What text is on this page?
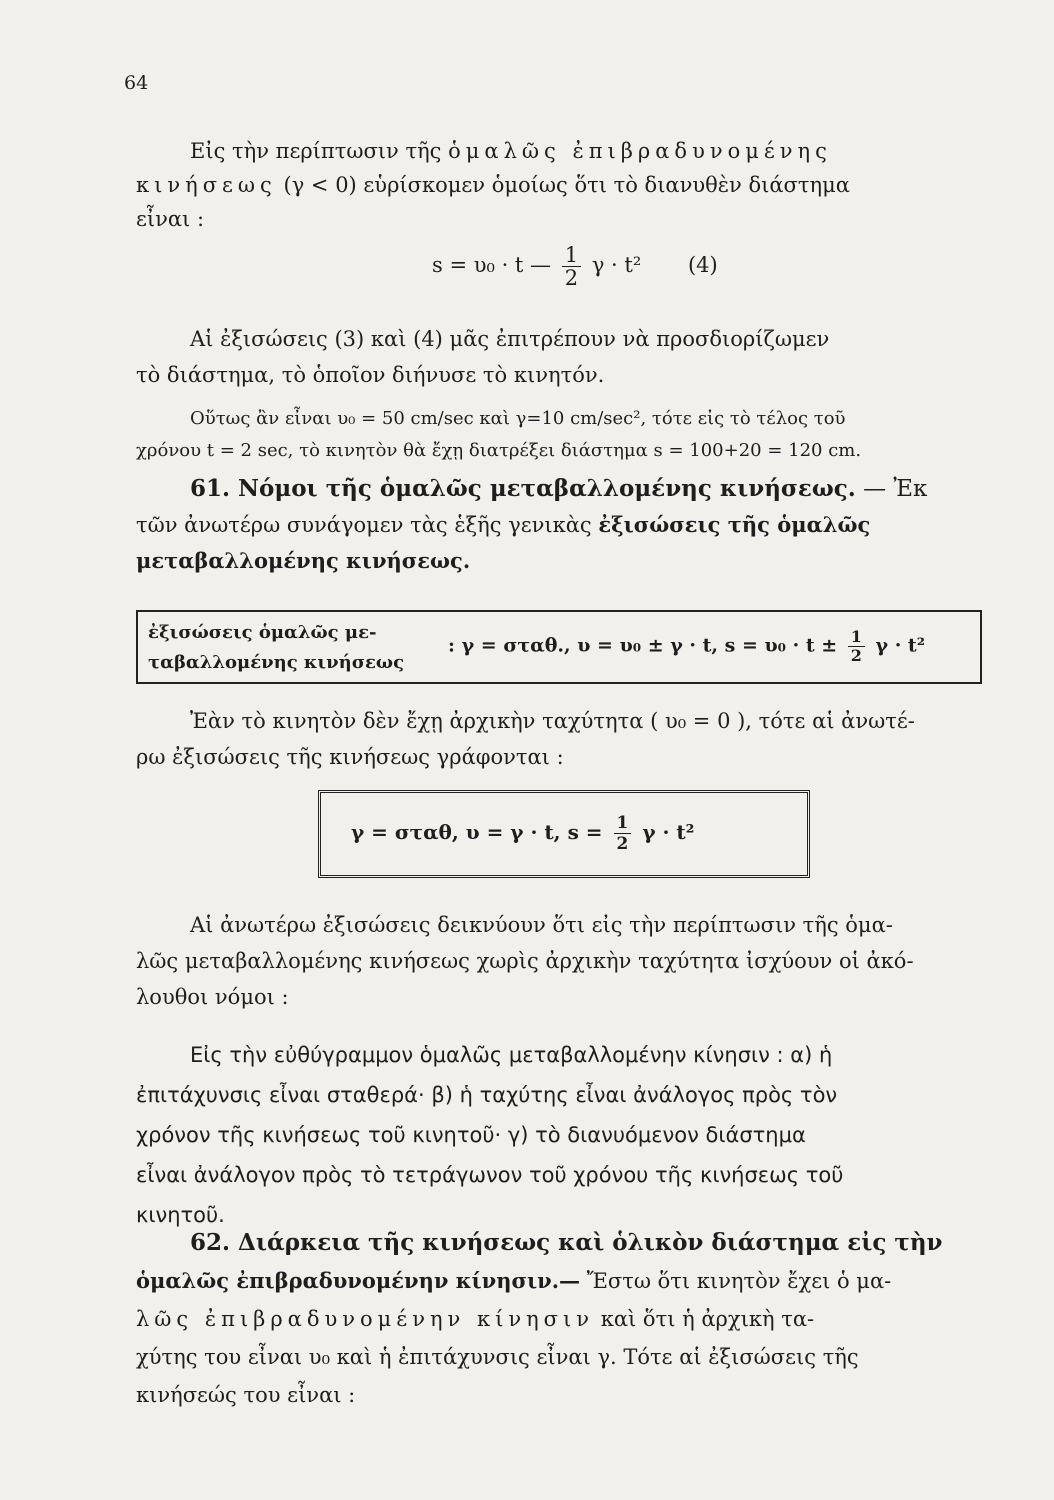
64
Εἰς τὴν περίπτωσιν τῆς ὁμαλῶς ἐπιβραδυνομένης
κινήσεως (γ < 0) εὑρίσκομεν ὁμοίως ὅτι τὸ διανυθὲν διάστημα
εἶναι :
s = υ₀ · t — $\frac{1}{2}$ γ · t² (4)
Αἱ ἐξισώσεις (3) καὶ (4) μᾶς ἐπιτρέπουν νὰ προσδιορίζωμεν
τὸ διάστημα, τὸ ὁποῖον διήνυσε τὸ κινητόν.
Οὕτως ἂν εἶναι υ₀ = 50 cm/sec καὶ γ=10 cm/sec², τότε εἰς τὸ τέλος τοῦ
χρόνου t = 2 sec, τὸ κινητὸν θὰ ἔχῃ διατρέξει διάστημα s = 100+20 = 120 cm.
61. Νόμοι τῆς ὁμαλῶς μεταβαλλομένης κινήσεως. — Ἐκ
τῶν ἀνωτέρω συνάγομεν τὰς ἑξῆς γενικὰς ἐξισώσεις τῆς ὁμαλῶς
μεταβαλλομένης κινήσεως.
ἐξισώσεις ὁμαλῶς με-
ταβαλλομένης κινήσεως
: γ = σταθ., υ = υ₀ ± γ · t, $s = \upsilon_0 \cdot t \pm \frac{1}{2}$ γ · t²
Ἐὰν τὸ κινητὸν δὲν ἔχῃ ἀρχικὴν ταχύτητα ( υ₀ = 0 ), τότε αἱ ἀνωτέ-
ρω ἐξισώσεις τῆς κινήσεως γράφονται :
γ = σταθ, υ = γ · t, $s = \frac{1}{2}$ γ · t²
Αἱ ἀνωτέρω ἐξισώσεις δεικνύουν ὅτι εἰς τὴν περίπτωσιν τῆς ὁμα-
λῶς μεταβαλλομένης κινήσεως χωρὶς ἀρχικὴν ταχύτητα ἰσχύουν οἱ ἀκό-
λουθοι νόμοι :
Εἰς τὴν εὐθύγραμμον ὁμαλῶς μεταβαλλομένην κίνησιν : α) ἡ
ἐπιτάχυνσις εἶναι σταθερά· β) ἡ ταχύτης εἶναι ἀνάλογος πρὸς τὸν
χρόνον τῆς κινήσεως τοῦ κινητοῦ· γ) τὸ διανυόμενον διάστημα
εἶναι ἀνάλογον πρὸς τὸ τετράγωνον τοῦ χρόνου τῆς κινήσεως τοῦ
κινητοῦ.
62. Διάρκεια τῆς κινήσεως καὶ ὁλικὸν διάστημα εἰς τὴν
ὁμαλῶς ἐπιβραδυνομένην κίνησιν.— Ἔστω ὅτι κινητὸν ἔχει ὁ μα-
λῶς ἐπιβραδυνομένην κίνησιν καὶ ὅτι ἡ ἀρχικὴ τα-
χύτης του εἶναι υ₀ καὶ ἡ ἐπιτάχυνσις εἶναι γ. Τότε αἱ ἐξισώσεις τῆς
κινήσεώς του εἶναι :
